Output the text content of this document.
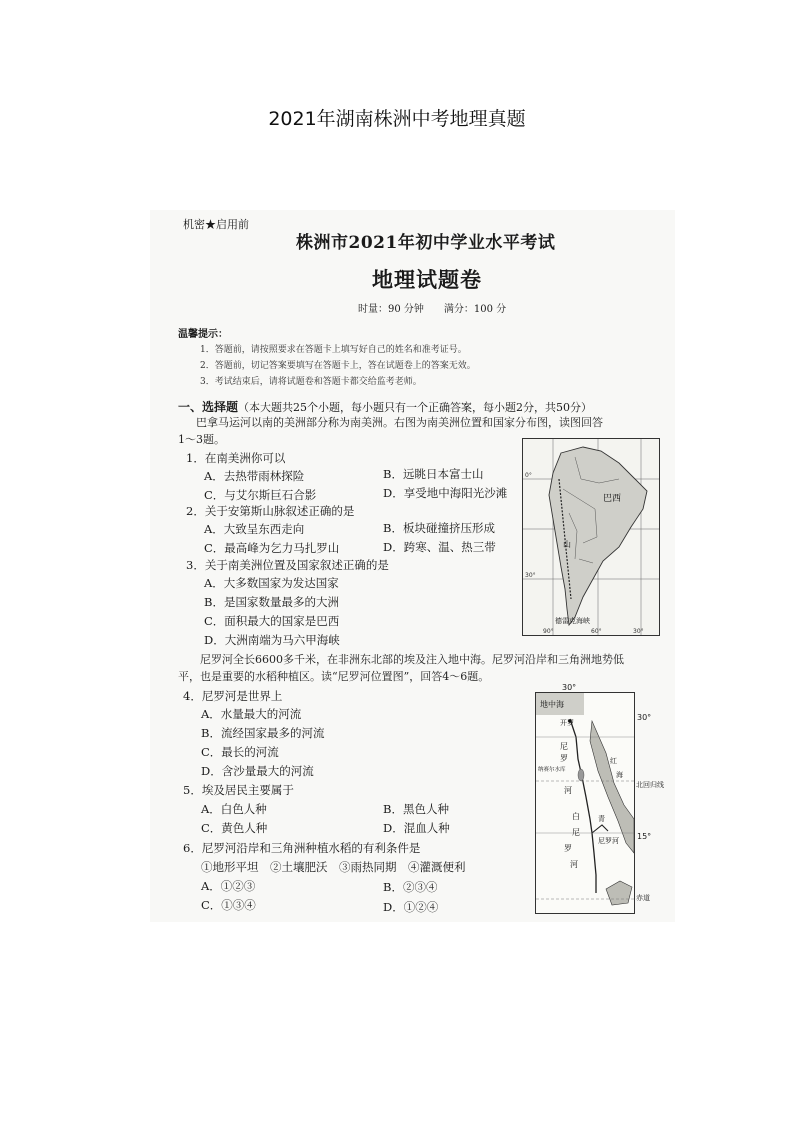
2021年湖南株洲中考地理真题
机密★启用前
株洲市2021年初中学业水平考试
地理试题卷
时量：90 分钟　　满分：100 分
温馨提示：
1．答题前，请按照要求在答题卡上填写好自己的姓名和准考证号。
2．答题前，切记答案要填写在答题卡上，答在试题卷上的答案无效。
3．考试结束后，请将试题卷和答题卡都交给监考老师。
一、选择题（本大题共25个小题，每小题只有一个正确答案，每小题2分，共50分）
巴拿马运河以南的美洲部分称为南美洲。右图为南美洲位置和国家分布图，读图回答
1～3题。
巴西
山
德雷克海峡
0°
30°
90°	60°	30°
1．在南美洲你可以
A．去热带雨林探险	B．远眺日本富士山
C．与艾尔斯巨石合影	D．享受地中海阳光沙滩
2．关于安第斯山脉叙述正确的是
A．大致呈东西走向	B．板块碰撞挤压形成
C．最高峰为乞力马扎罗山	D．跨寒、温、热三带
3．关于南美洲位置及国家叙述正确的是
A．大多数国家为发达国家
B．是国家数量最多的大洲
C．面积最大的国家是巴西
D．大洲南端为马六甲海峡
尼罗河全长6600多千米，在非洲东北部的埃及注入地中海。尼罗河沿岸和三角洲地势低
平，也是重要的水稻种植区。读“尼罗河位置图”，回答4～6题。
地中海
开罗
尼
罗
河
纳赛尔水库
白
尼
罗
河
青
尼罗河
红
海
30°
30°
北回归线
15°
赤道
4．尼罗河是世界上
A．水量最大的河流
B．流经国家最多的河流
C．最长的河流
D．含沙量最大的河流
5．埃及居民主要属于
A．白色人种	B．黑色人种
C．黄色人种	D．混血人种
6．尼罗河沿岸和三角洲种植水稻的有利条件是
①地形平坦　②土壤肥沃　③雨热同期　④灌溉便利
A．①②③	B．②③④
C．①③④	D．①②④
